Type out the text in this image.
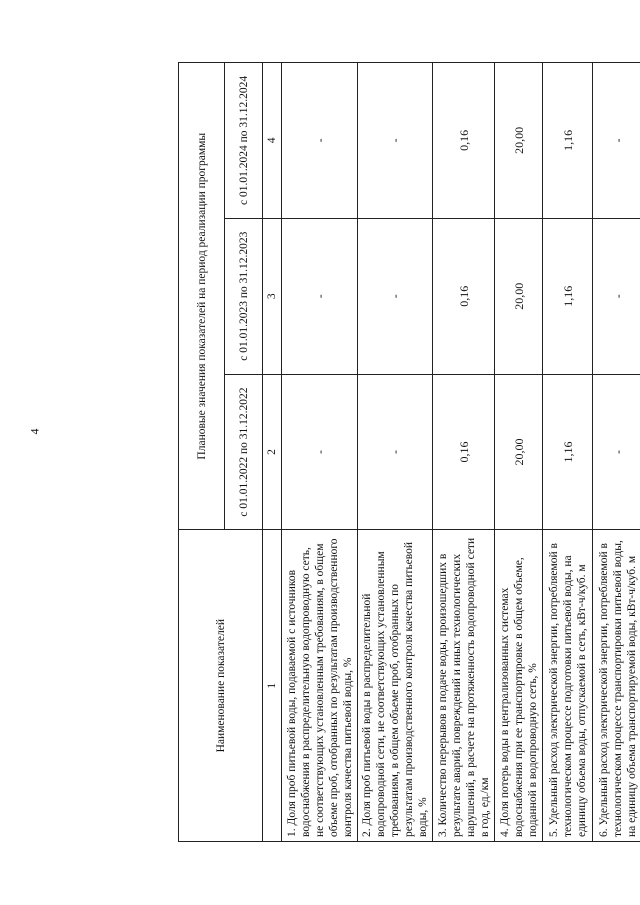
4
Наименование показателей	Плановые значения показателей на период реализации программы		
	с 01.01.2022 по 31.12.2022	с 01.01.2023 по 31.12.2023	с 01.01.2024 по 31.12.2024
1	2	3	4
1. Доля проб питьевой воды, подаваемой с источников водоснабжения в распределительную водопроводную сеть, не соответствующих установленным требованиям, в общем объеме проб, отобранных по результатам производственного контроля качества питьевой воды, %	-	-	-
2. Доля проб питьевой воды в распределительной водопроводной сети, не соответствующих установленным требованиям, в общем объеме проб, отобранных по результатам производственного контроля качества питьевой воды, %	-	-	-
3. Количество перерывов в подаче воды, произошедших в результате аварий, повреждений и иных технологических нарушений, в расчете на протяженность водопроводной сети в год, ед./км	0,16	0,16	0,16
4. Доля потерь воды в централизованных системах водоснабжения при ее транспортировке в общем объеме, поданной в водопроводную сеть, %	20,00	20,00	20,00
5. Удельный расход электрической энергии, потребляемой в технологическом процессе подготовки питьевой воды, на единицу объема воды, отпускаемой в сеть, кВт-ч/куб. м	1,16	1,16	1,16
6. Удельный расход электрической энергии, потребляемой в технологическом процессе транспортировки питьевой воды, на единицу объема транспортируемой воды, кВт-ч/куб. м	-	-	-
